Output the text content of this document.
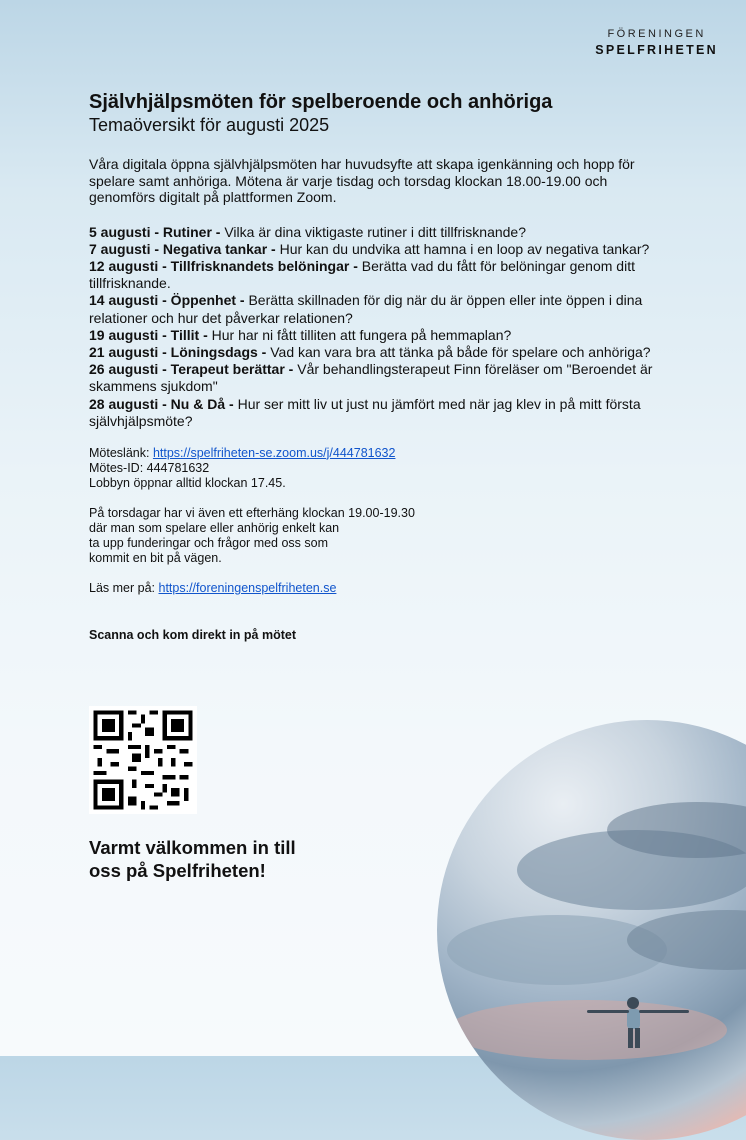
FÖRENINGEN
SPELFRIHETEN
Självhjälpsmöten för spelberoende och anhöriga
Temaöversikt för augusti 2025
Våra digitala öppna självhjälpsmöten har huvudsyfte att skapa igenkänning och hopp för spelare samt anhöriga. Mötena är varje tisdag och torsdag klockan 18.00-19.00 och genomförs digitalt på plattformen Zoom.
5 augusti - Rutiner - Vilka är dina viktigaste rutiner i ditt tillfrisknande?
7 augusti - Negativa tankar - Hur kan du undvika att hamna i en loop av negativa tankar?
12 augusti - Tillfrisknandets belöningar - Berätta vad du fått för belöningar genom ditt tillfrisknande.
14 augusti - Öppenhet - Berätta skillnaden för dig när du är öppen eller inte öppen i dina relationer och hur det påverkar relationen?
19 augusti - Tillit - Hur har ni fått tilliten att fungera på hemmaplan?
21 augusti - Löningsdags - Vad kan vara bra att tänka på både för spelare och anhöriga?
26 augusti - Terapeut berättar - Vår behandlingsterapeut Finn föreläser om "Beroendet är skammens sjukdom"
28 augusti - Nu & Då - Hur ser mitt liv ut just nu jämfört med när jag klev in på mitt första självhjälpsmöte?
Möteslänk: https://spelfriheten-se.zoom.us/j/444781632
Mötes-ID: 444781632
Lobbyn öppnar alltid klockan 17.45.
På torsdagar har vi även ett efterhäng klockan 19.00-19.30
där man som spelare eller anhörig enkelt kan
ta upp funderingar och frågor med oss som
kommit en bit på vägen.
Läs mer på: https://foreningenspelfriheten.se
Scanna och kom direkt in på mötet
Varmt välkommen in till
oss på Spelfriheten!
